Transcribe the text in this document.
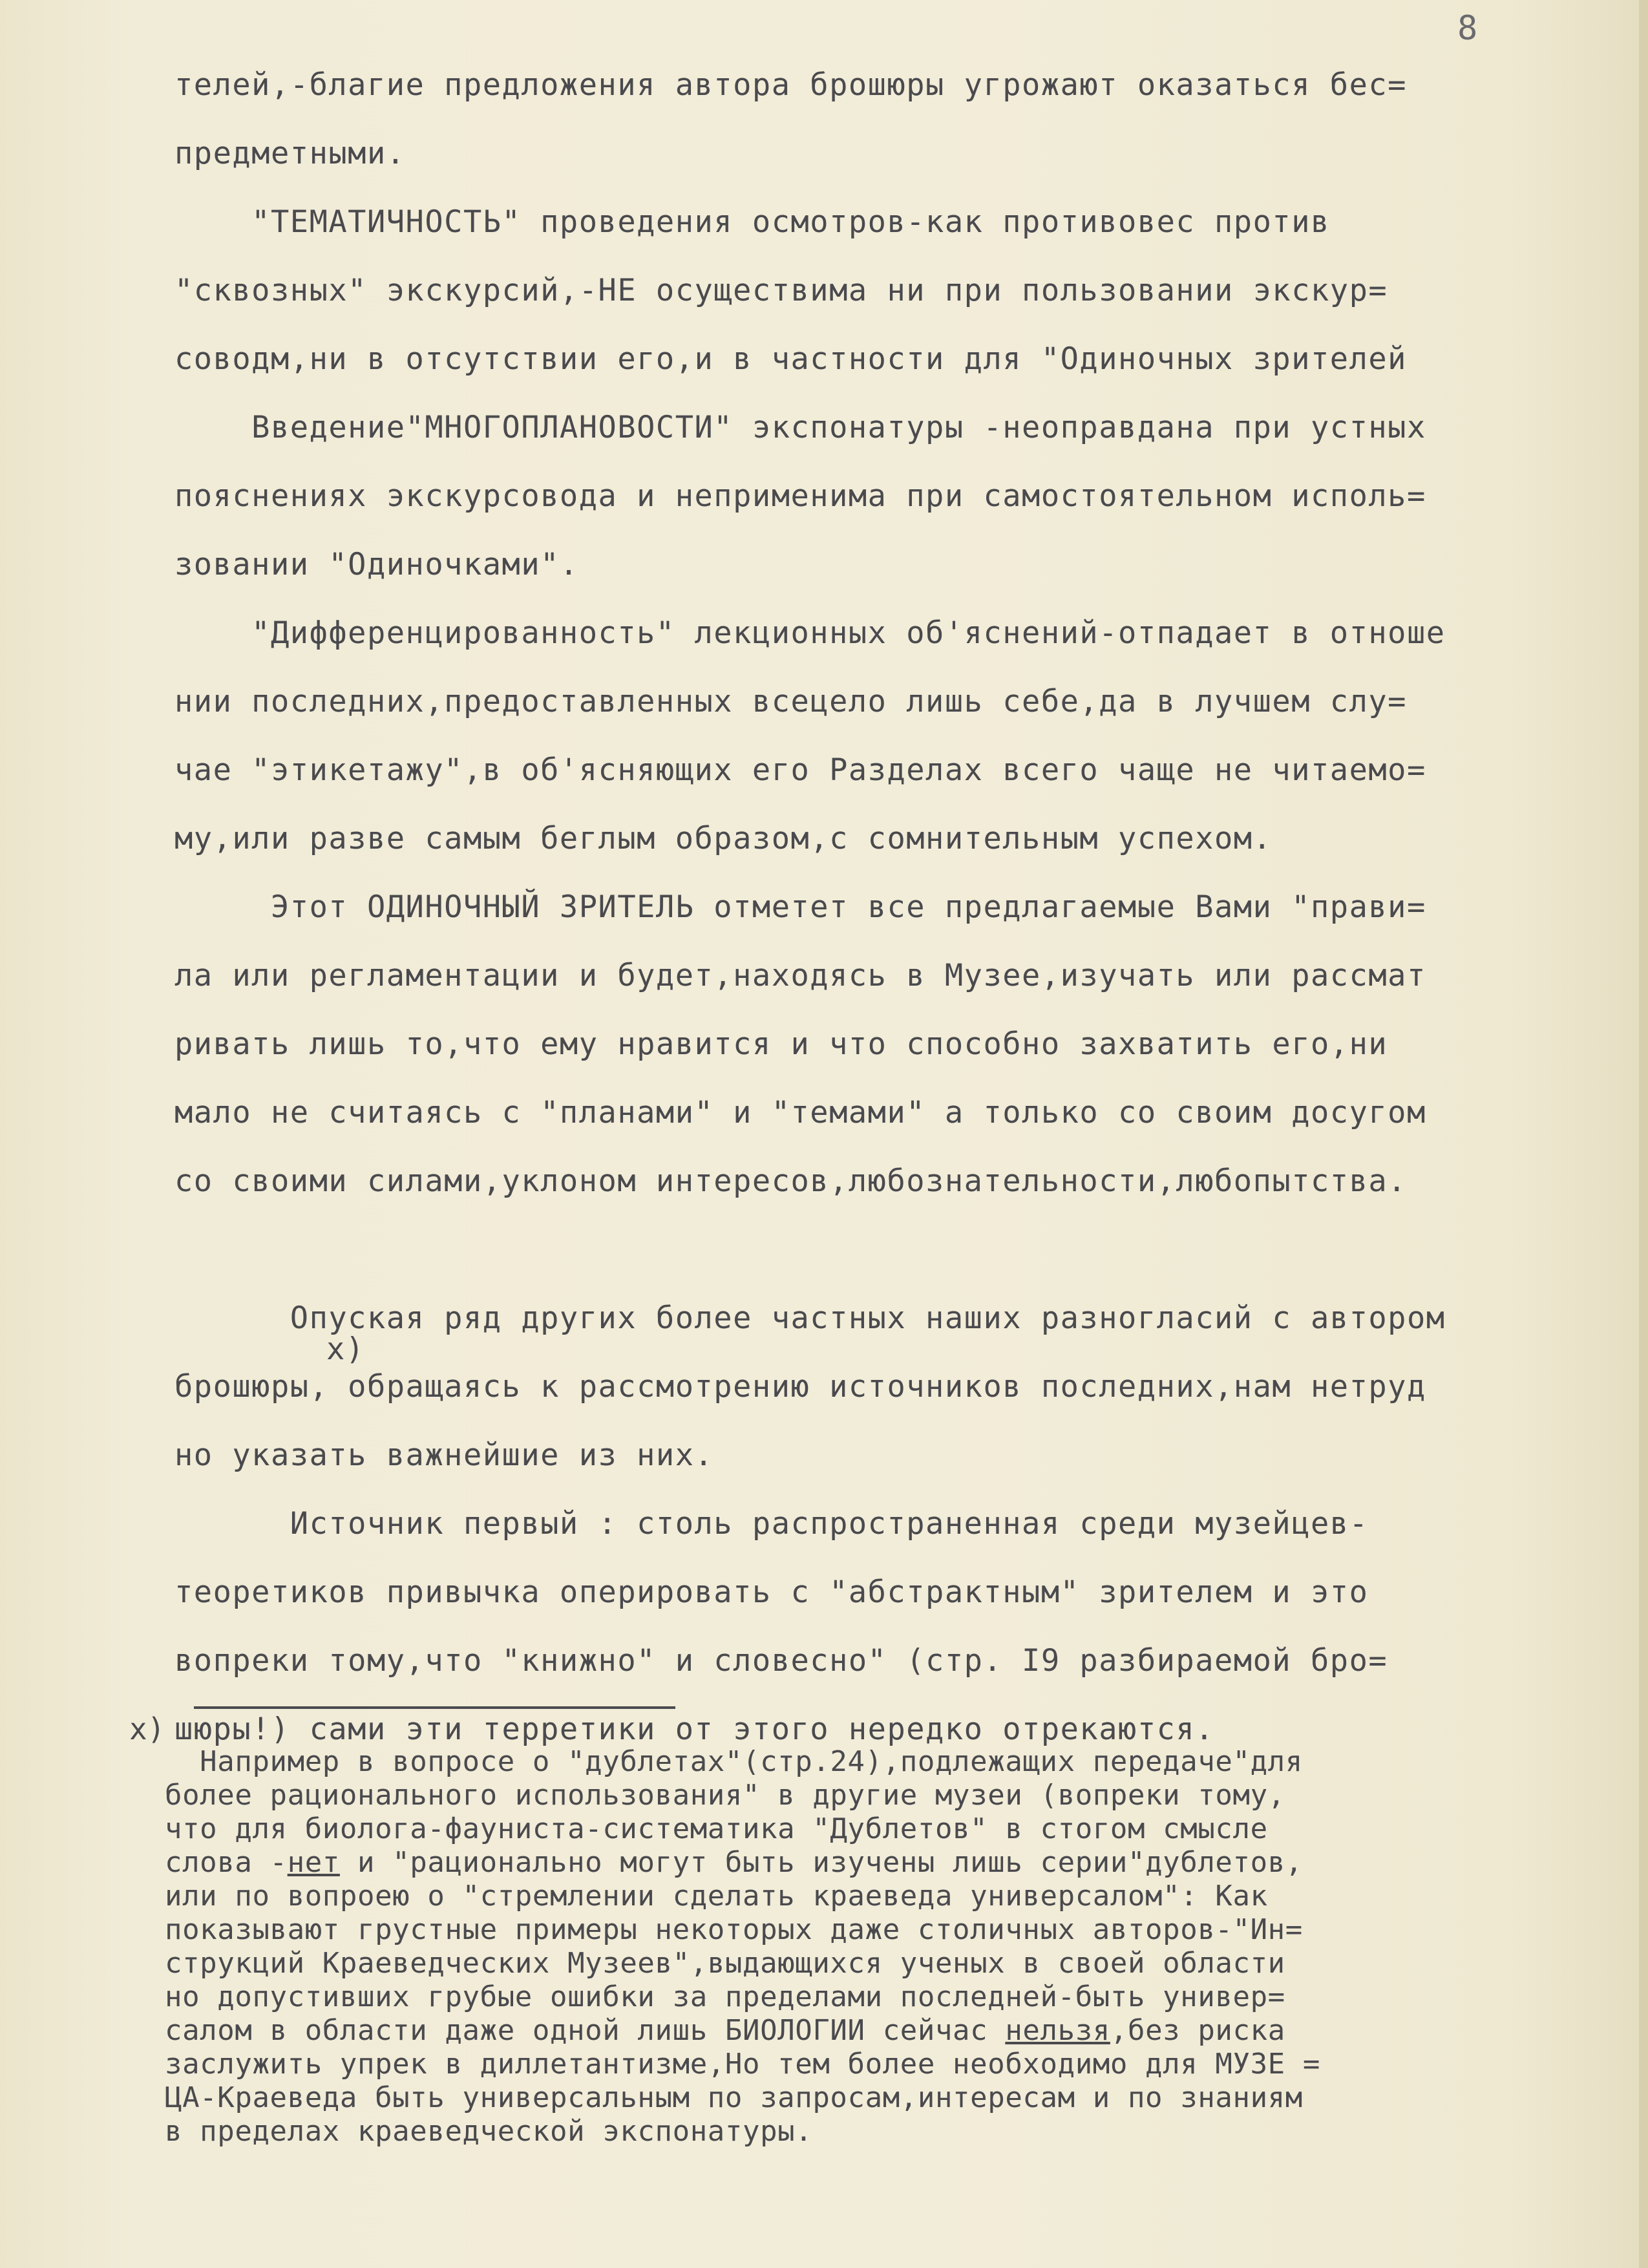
8
телей,-благие предложения автора брошюры угрожают оказаться бес=
предметными.
"ТЕМАТИЧНОСТЬ" проведения осмотров-как противовес против
"сквозных" экскурсий,-НЕ осуществима ни при пользовании экскур=
соводм,ни в отсутствии его,и в частности для "Одиночных зрителей
Введение"МНОГОПЛАНОВОСТИ" экспонатуры -неоправдана при устных
пояснениях экскурсовода и неприменима при самостоятельном исполь=
зовании "Одиночками".
"Дифференцированность" лекционных об'яснений-отпадает в отноше
нии последних,предоставленных всецело лишь себе,да в лучшем слу=
чае "этикетажу",в об'ясняющих его Разделах всего чаще не читаемо=
му,или разве самым беглым образом,с сомнительным успехом.
Этот ОДИНОЧНЫЙ ЗРИТЕЛЬ отметет все предлагаемые Вами "прави=
ла или регламентации и будет,находясь в Музее,изучать или рассмат
ривать лишь то,что ему нравится и что способно захватить его,ни
мало не считаясь с "планами" и "темами" а только со своим досугом
со своими силами,уклоном интересов,любознательности,любопытства.
Опуская ряд других более частных наших разногласий с автором
х)
брошюры, обращаясь к рассмотрению источников последних,нам нетруд
но указать важнейшие из них.
Источник первый : столь распространенная среди музейцев-
теоретиков привычка оперировать с "абстрактным" зрителем и это
вопреки тому,что "книжно" и словесно" (стр. I9 разбираемой бро=
шюры!) сами эти терретики от этого нередко отрекаются.
х)
Например в вопросе о "дублетах"(стр.24),подлежащих передаче"для
более рационального использования" в другие музеи (вопреки тому,
что для биолога-фауниста-систематика "Дублетов" в стогом смысле
слова -нет и "рационально могут быть изучены лишь серии"дублетов,
или по вопроею о "стремлении сделать краеведа универсалом": Как
показывают грустные примеры некоторых даже столичных авторов-"Ин=
струкций Краеведческих Музеев",выдающихся ученых в своей области
но допустивших грубые ошибки за пределами последней-быть универ=
салом в области даже одной лишь БИОЛОГИИ сейчас нельзя,без риска
заслужить упрек в диллетантизме,Но тем более необходимо для МУЗЕ =
ЦА-Краеведа быть универсальным по запросам,интересам и по знаниям
в пределах краеведческой экспонатуры.
